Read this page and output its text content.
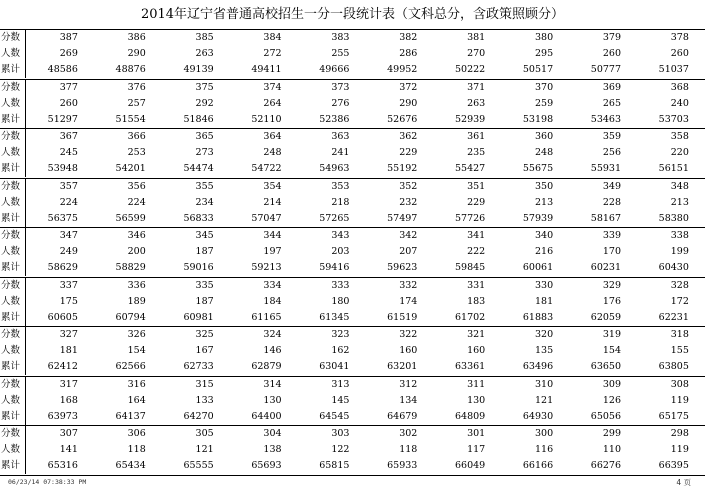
2014年辽宁省普通高校招生一分一段统计表（文科总分，含政策照顾分）
分数	387	386	385	384	383	382	381	380	379	378
人数	269	290	263	272	255	286	270	295	260	260
累计	48586	48876	49139	49411	49666	49952	50222	50517	50777	51037
分数	377	376	375	374	373	372	371	370	369	368
人数	260	257	292	264	276	290	263	259	265	240
累计	51297	51554	51846	52110	52386	52676	52939	53198	53463	53703
分数	367	366	365	364	363	362	361	360	359	358
人数	245	253	273	248	241	229	235	248	256	220
累计	53948	54201	54474	54722	54963	55192	55427	55675	55931	56151
分数	357	356	355	354	353	352	351	350	349	348
人数	224	224	234	214	218	232	229	213	228	213
累计	56375	56599	56833	57047	57265	57497	57726	57939	58167	58380
分数	347	346	345	344	343	342	341	340	339	338
人数	249	200	187	197	203	207	222	216	170	199
累计	58629	58829	59016	59213	59416	59623	59845	60061	60231	60430
分数	337	336	335	334	333	332	331	330	329	328
人数	175	189	187	184	180	174	183	181	176	172
累计	60605	60794	60981	61165	61345	61519	61702	61883	62059	62231
分数	327	326	325	324	323	322	321	320	319	318
人数	181	154	167	146	162	160	160	135	154	155
累计	62412	62566	62733	62879	63041	63201	63361	63496	63650	63805
分数	317	316	315	314	313	312	311	310	309	308
人数	168	164	133	130	145	134	130	121	126	119
累计	63973	64137	64270	64400	64545	64679	64809	64930	65056	65175
分数	307	306	305	304	303	302	301	300	299	298
人数	141	118	121	138	122	118	117	116	110	119
累计	65316	65434	65555	65693	65815	65933	66049	66166	66276	66395
06/23/14 07:38:33 PM	4 页
